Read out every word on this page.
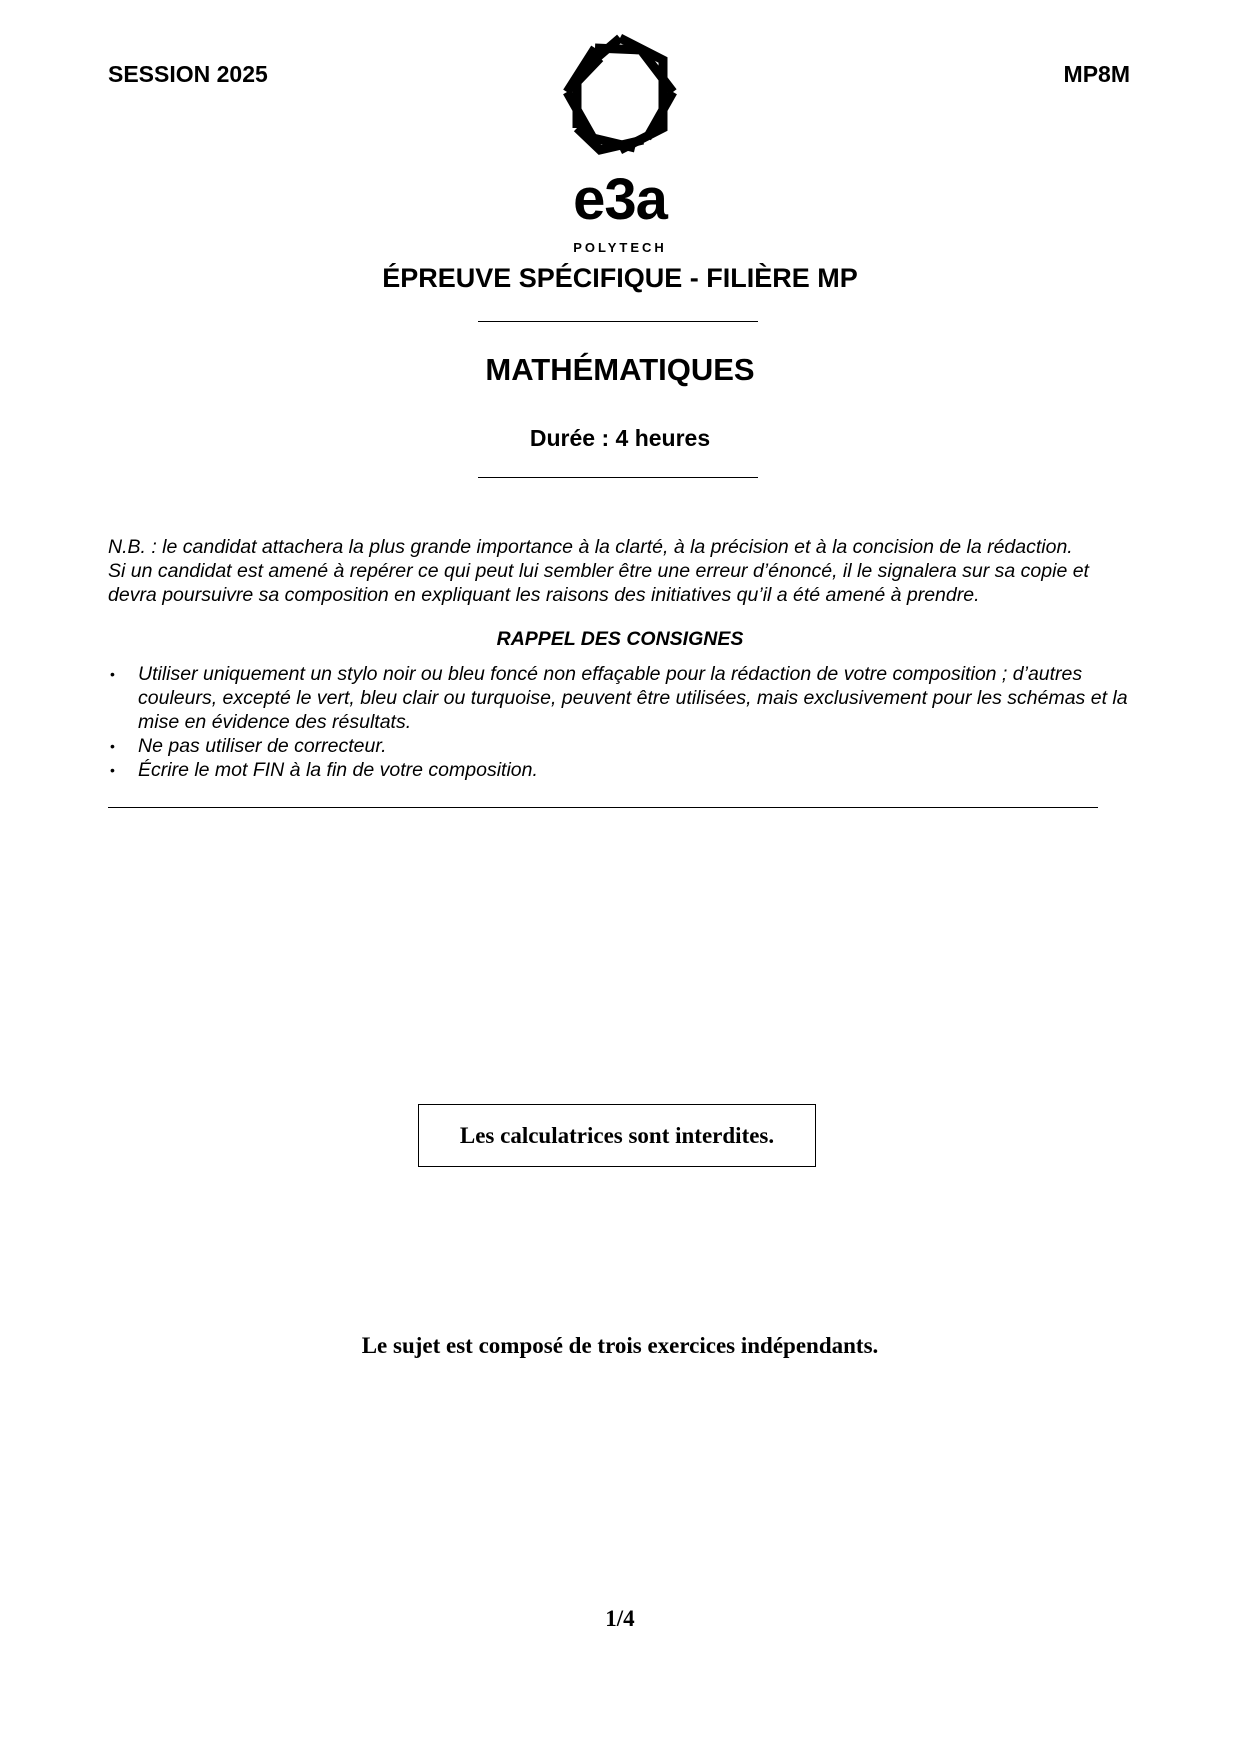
SESSION 2025	MP8M
e3a
POLYTECH
ÉPREUVE SPÉCIFIQUE - FILIÈRE MP
MATHÉMATIQUES
Durée : 4 heures

N.B. : le candidat attachera la plus grande importance à la clarté, à la précision et à la concision de la rédaction.

Si un candidat est amené à repérer ce qui peut lui sembler être une erreur d’énoncé, il le signalera sur sa copie et devra poursuivre sa composition en expliquant les raisons des initiatives qu’il a été amené à prendre.

RAPPEL DES CONSIGNES
• Utiliser uniquement un stylo noir ou bleu foncé non effaçable pour la rédaction de votre composition ; d’autres couleurs, excepté le vert, bleu clair ou turquoise, peuvent être utilisées, mais exclusivement pour les schémas et la mise en évidence des résultats.
• Ne pas utiliser de correcteur.
• Écrire le mot FIN à la fin de votre composition.
Les calculatrices sont interdites.
Le sujet est composé de trois exercices indépendants.
1/4
